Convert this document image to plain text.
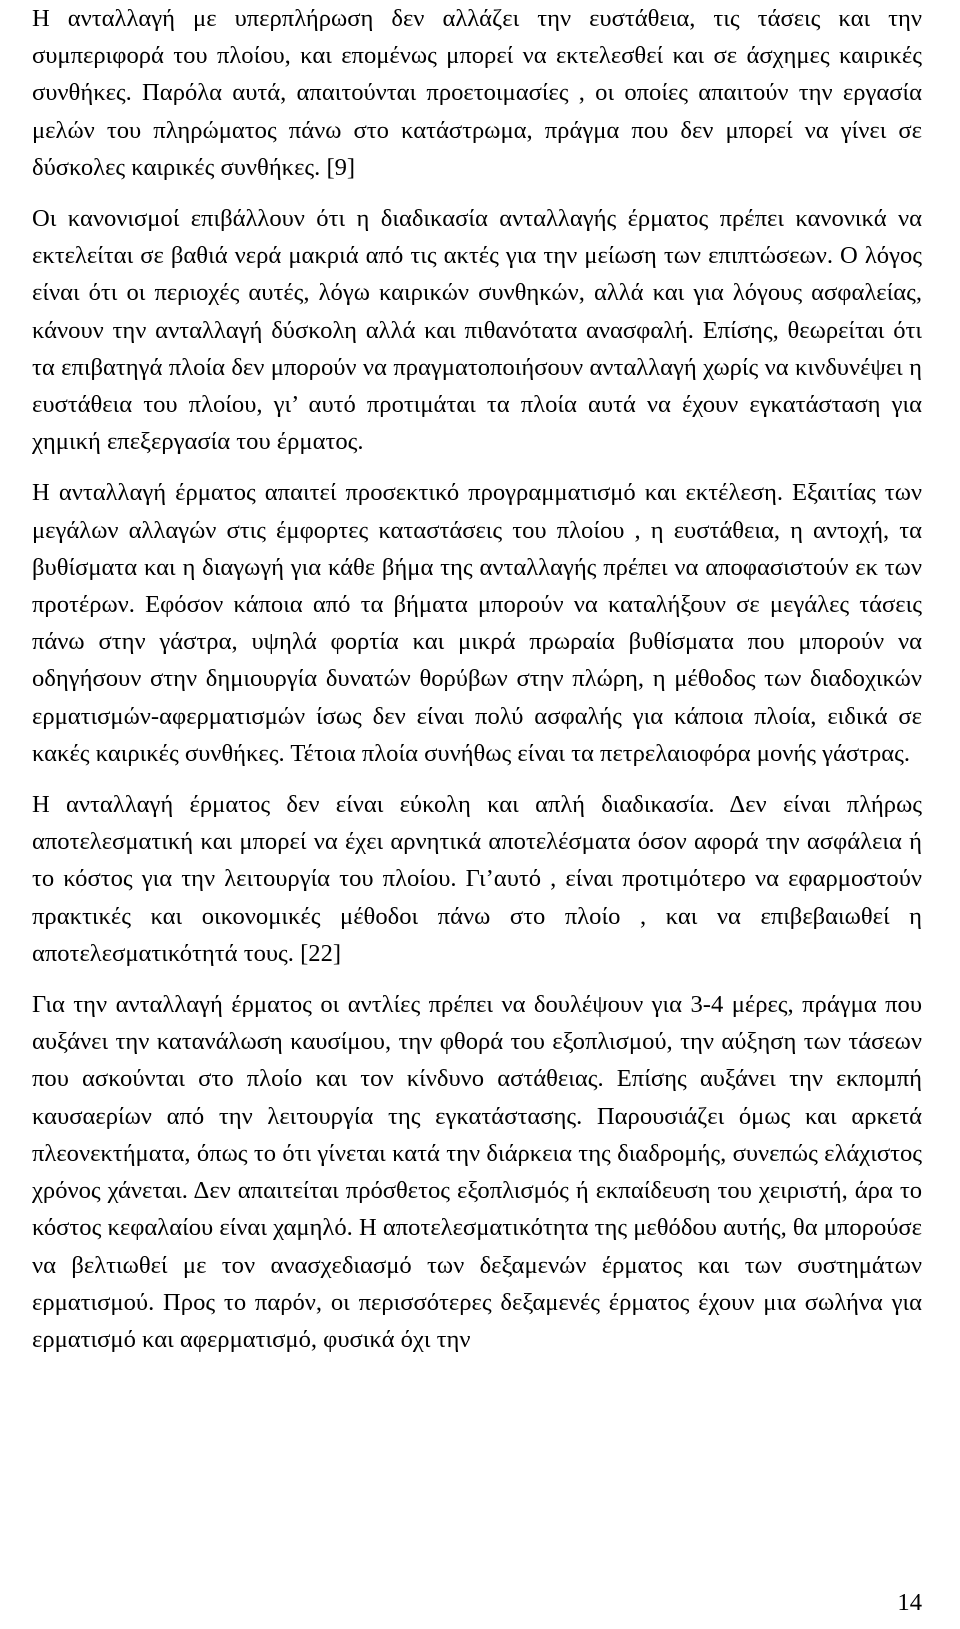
Η ανταλλαγή με υπερπλήρωση δεν αλλάζει την ευστάθεια, τις τάσεις και την συμπεριφορά του πλοίου, και επομένως μπορεί να εκτελεσθεί και σε άσχημες καιρικές συνθήκες. Παρόλα αυτά, απαιτούνται προετοιμασίες , οι οποίες απαιτούν την εργασία μελών του πληρώματος πάνω στο κατάστρωμα, πράγμα που δεν μπορεί να γίνει σε δύσκολες καιρικές συνθήκες. [9]

Οι κανονισμοί επιβάλλουν ότι η διαδικασία ανταλλαγής έρματος πρέπει κανονικά να εκτελείται σε βαθιά νερά μακριά από τις ακτές για την μείωση των επιπτώσεων. Ο λόγος είναι ότι οι περιοχές αυτές, λόγω καιρικών συνθηκών, αλλά και για λόγους ασφαλείας, κάνουν την ανταλλαγή δύσκολη αλλά και πιθανότατα ανασφαλή. Επίσης, θεωρείται ότι τα επιβατηγά πλοία δεν μπορούν να πραγματοποιήσουν ανταλλαγή χωρίς να κινδυνέψει η ευστάθεια του πλοίου, γι’ αυτό προτιμάται τα πλοία αυτά να έχουν εγκατάσταση για χημική επεξεργασία του έρματος.

Η ανταλλαγή έρματος απαιτεί προσεκτικό προγραμματισμό και εκτέλεση. Εξαιτίας των μεγάλων αλλαγών στις έμφορτες καταστάσεις του πλοίου , η ευστάθεια, η αντοχή, τα βυθίσματα και η διαγωγή για κάθε βήμα της ανταλλαγής πρέπει να αποφασιστούν εκ των προτέρων. Εφόσον κάποια από τα βήματα μπορούν να καταλήξουν σε μεγάλες τάσεις πάνω στην γάστρα, υψηλά φορτία και μικρά πρωραία βυθίσματα που μπορούν να οδηγήσουν στην δημιουργία δυνατών θορύβων στην πλώρη, η μέθοδος των διαδοχικών ερματισμών-αφερματισμών ίσως δεν είναι πολύ ασφαλής για κάποια πλοία, ειδικά σε κακές καιρικές συνθήκες. Τέτοια πλοία συνήθως είναι τα πετρελαιοφόρα μονής γάστρας.

Η ανταλλαγή έρματος δεν είναι εύκολη και απλή διαδικασία. Δεν είναι πλήρως αποτελεσματική και μπορεί να έχει αρνητικά αποτελέσματα όσον αφορά την ασφάλεια ή το κόστος για την λειτουργία του πλοίου. Γι’αυτό , είναι προτιμότερο να εφαρμοστούν πρακτικές και οικονομικές μέθοδοι πάνω στο πλοίο , και να επιβεβαιωθεί η αποτελεσματικότητά τους. [22]

Για την ανταλλαγή έρματος οι αντλίες πρέπει να δουλέψουν για 3-4 μέρες, πράγμα που αυξάνει την κατανάλωση καυσίμου, την φθορά του εξοπλισμού, την αύξηση των τάσεων που ασκούνται στο πλοίο και τον κίνδυνο αστάθειας. Επίσης αυξάνει την εκπομπή καυσαερίων από την λειτουργία της εγκατάστασης. Παρουσιάζει όμως και αρκετά πλεονεκτήματα, όπως το ότι γίνεται κατά την διάρκεια της διαδρομής, συνεπώς ελάχιστος χρόνος χάνεται. Δεν απαιτείται πρόσθετος εξοπλισμός ή εκπαίδευση του χειριστή, άρα το κόστος κεφαλαίου είναι χαμηλό. Η αποτελεσματικότητα της μεθόδου αυτής, θα μπορούσε να βελτιωθεί με τον ανασχεδιασμό των δεξαμενών έρματος και των συστημάτων ερματισμού. Προς το παρόν, οι περισσότερες δεξαμενές έρματος έχουν μια σωλήνα για ερματισμό και αφερματισμό, φυσικά όχι την

14
